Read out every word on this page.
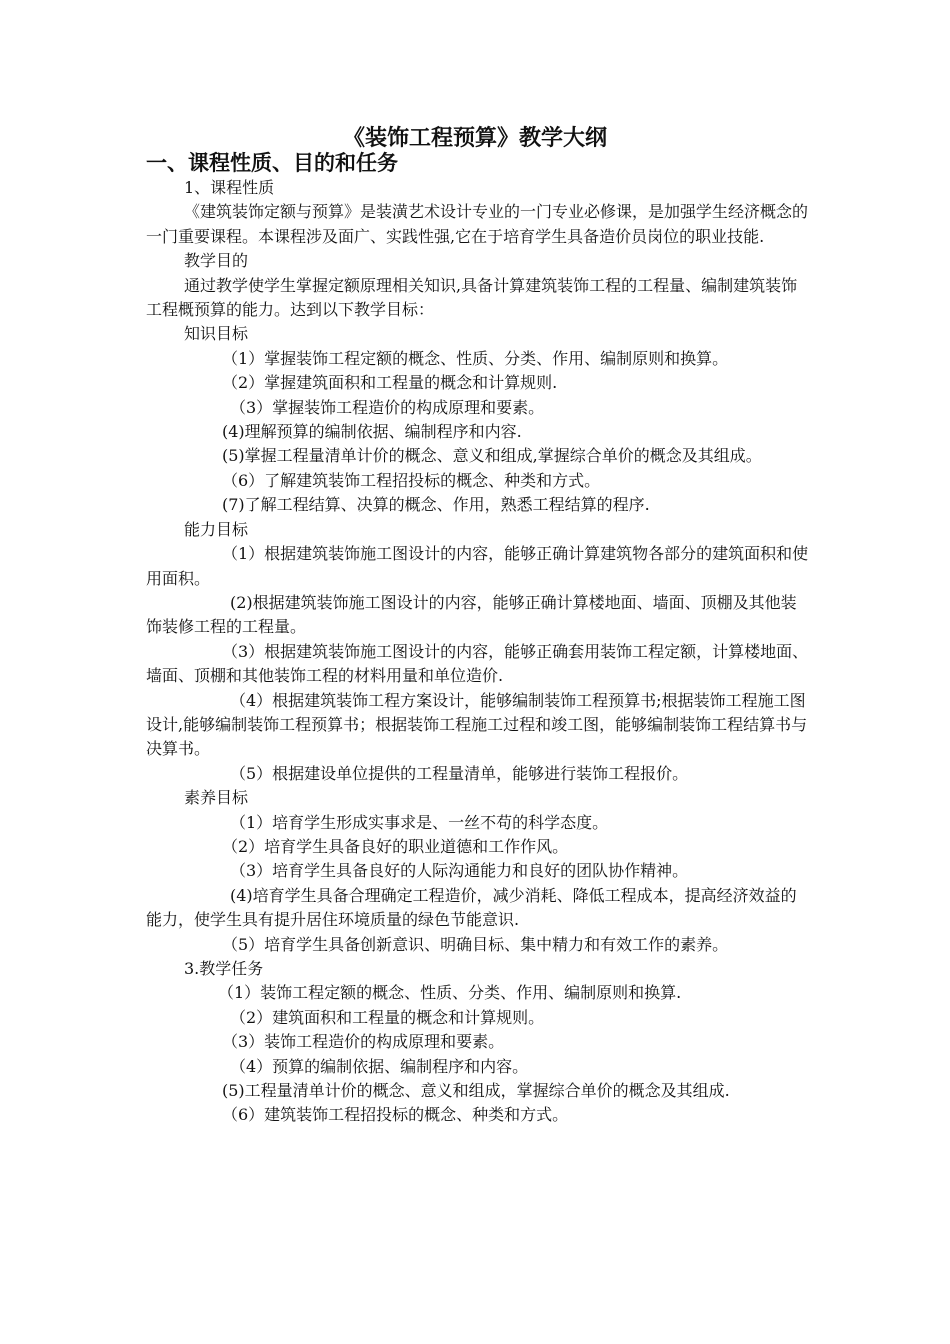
《装饰工程预算》教学大纲
一、课程性质、目的和任务

1、课程性质

《建筑装饰定额与预算》是装潢艺术设计专业的一门专业必修课，是加强学生经济概念的一门重要课程。本课程涉及面广、实践性强,它在于培育学生具备造价员岗位的职业技能.

教学目的

通过教学使学生掌握定额原理相关知识,具备计算建筑装饰工程的工程量、编制建筑装饰工程概预算的能力。达到以下教学目标：

知识目标

（1）掌握装饰工程定额的概念、性质、分类、作用、编制原则和换算。

（2）掌握建筑面积和工程量的概念和计算规则.

（3）掌握装饰工程造价的构成原理和要素。

(4)理解预算的编制依据、编制程序和内容.

(5)掌握工程量清单计价的概念、意义和组成,掌握综合单价的概念及其组成。

（6）了解建筑装饰工程招投标的概念、种类和方式。

(7)了解工程结算、决算的概念、作用，熟悉工程结算的程序.

能力目标

（1）根据建筑装饰施工图设计的内容，能够正确计算建筑物各部分的建筑面积和使用面积。

(2)根据建筑装饰施工图设计的内容，能够正确计算楼地面、墙面、顶棚及其他装饰装修工程的工程量。

（3）根据建筑装饰施工图设计的内容，能够正确套用装饰工程定额，计算楼地面、墙面、顶棚和其他装饰工程的材料用量和单位造价.

（4）根据建筑装饰工程方案设计，能够编制装饰工程预算书;根据装饰工程施工图设计,能够编制装饰工程预算书；根据装饰工程施工过程和竣工图，能够编制装饰工程结算书与决算书。

（5）根据建设单位提供的工程量清单，能够进行装饰工程报价。

素养目标

（1）培育学生形成实事求是、一丝不苟的科学态度。

（2）培育学生具备良好的职业道德和工作作风。

（3）培育学生具备良好的人际沟通能力和良好的团队协作精神。

(4)培育学生具备合理确定工程造价，减少消耗、降低工程成本，提高经济效益的能力，使学生具有提升居住环境质量的绿色节能意识.

（5）培育学生具备创新意识、明确目标、集中精力和有效工作的素养。

3.教学任务

（1）装饰工程定额的概念、性质、分类、作用、编制原则和换算.

（2）建筑面积和工程量的概念和计算规则。

（3）装饰工程造价的构成原理和要素。

（4）预算的编制依据、编制程序和内容。

(5)工程量清单计价的概念、意义和组成，掌握综合单价的概念及其组成.

（6）建筑装饰工程招投标的概念、种类和方式。
